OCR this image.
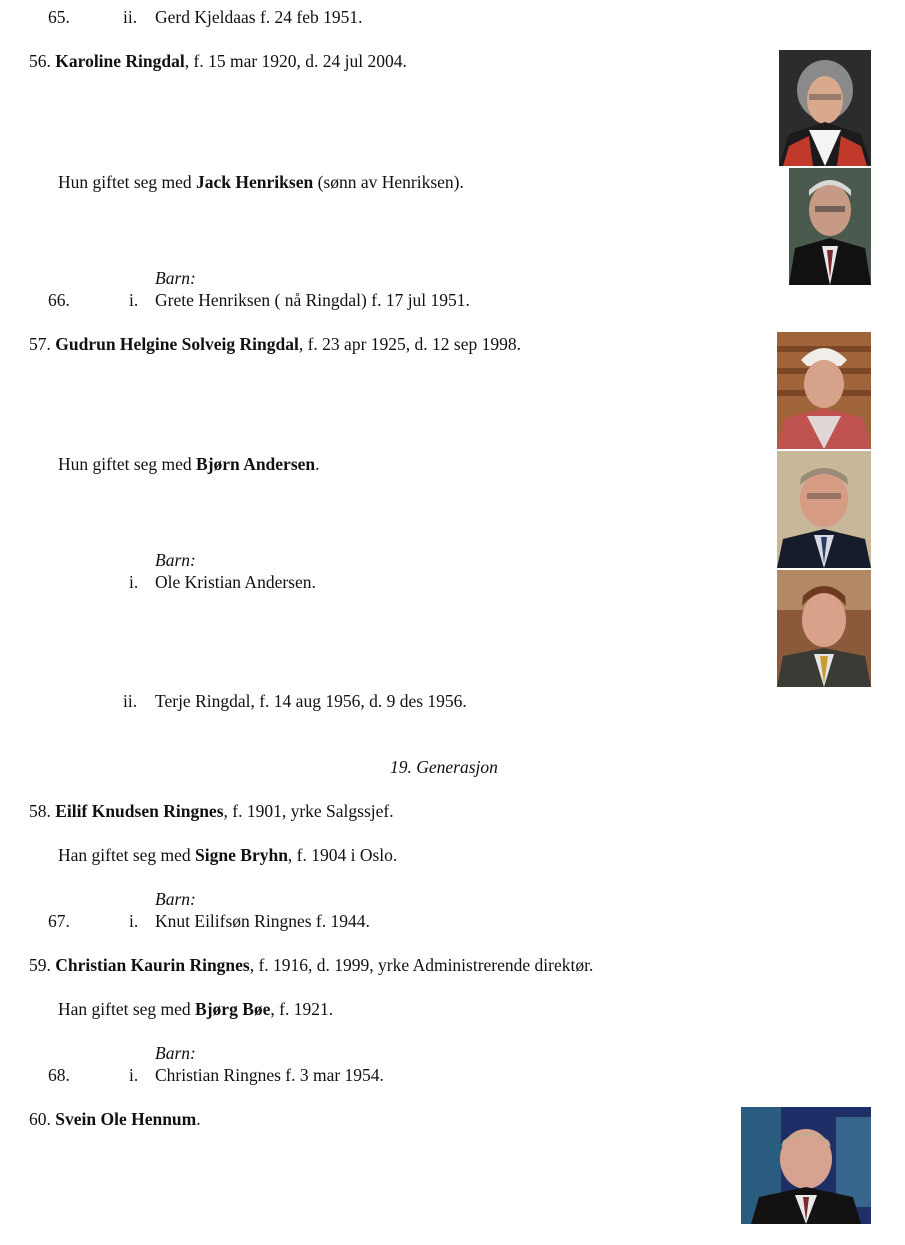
65.	ii. Gerd Kjeldaas f. 24 feb 1951.
56. Karoline Ringdal, f. 15 mar 1920, d. 24 jul 2004.
Hun giftet seg med Jack Henriksen (sønn av Henriksen).
Barn:
66.	i. Grete Henriksen ( nå Ringdal) f. 17 jul 1951.
57. Gudrun Helgine Solveig Ringdal, f. 23 apr 1925, d. 12 sep 1998.
Hun giftet seg med Bjørn Andersen.
Barn:
i. Ole Kristian Andersen.
ii. Terje Ringdal, f. 14 aug 1956, d. 9 des 1956.
19. Generasjon
58. Eilif Knudsen Ringnes, f. 1901, yrke Salgssjef.
Han giftet seg med Signe Bryhn, f. 1904 i Oslo.
Barn:
67.	i. Knut Eilifsøn Ringnes f. 1944.
59. Christian Kaurin Ringnes, f. 1916, d. 1999, yrke Administrerende direktør.
Han giftet seg med Bjørg Bøe, f. 1921.
Barn:
68.	i. Christian Ringnes f. 3 mar 1954.
60. Svein Ole Hennum.
